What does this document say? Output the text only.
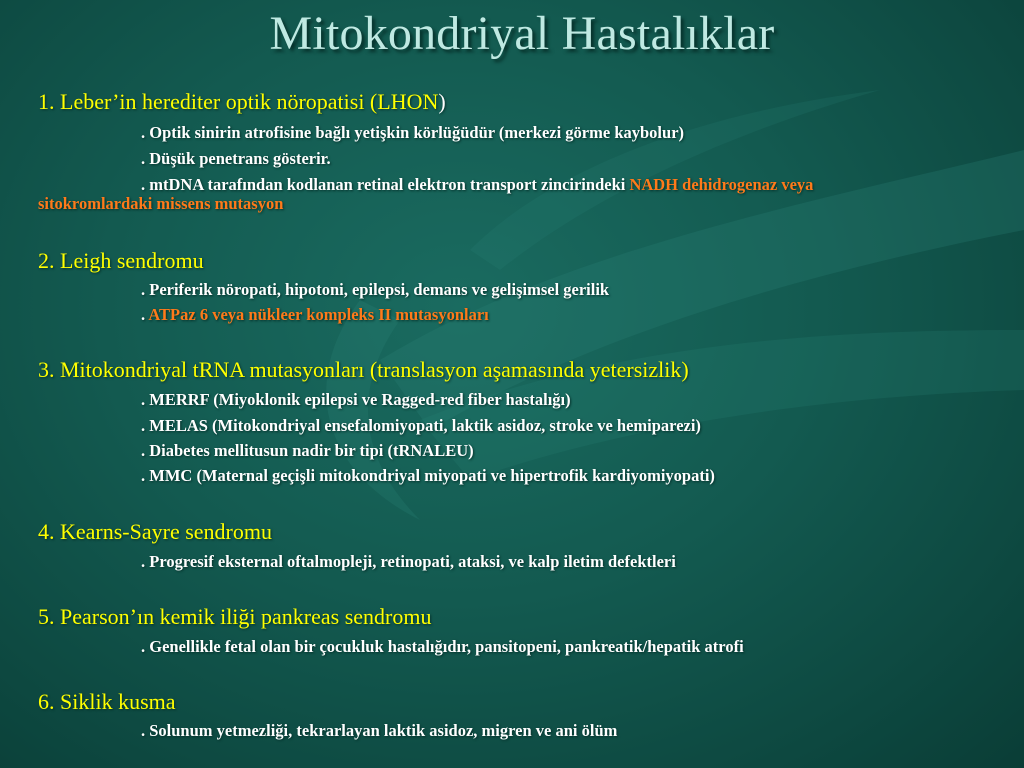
Mitokondriyal Hastalıklar
1. Leber’in herediter optik nöropatisi (LHON)
. Optik sinirin atrofisine bağlı yetişkin körlüğüdür (merkezi görme kaybolur)
. Düşük penetrans gösterir.
. mtDNA tarafından kodlanan retinal elektron transport zincirindeki NADH dehidrogenaz veya
sitokromlardaki missens mutasyon
2. Leigh sendromu
. Periferik nöropati, hipotoni, epilepsi, demans ve gelişimsel gerilik
. ATPaz 6 veya nükleer kompleks II mutasyonları
3. Mitokondriyal tRNA mutasyonları (translasyon aşamasında yetersizlik)
. MERRF (Miyoklonik epilepsi ve Ragged-red fiber hastalığı)
. MELAS (Mitokondriyal ensefalomiyopati, laktik asidoz, stroke ve hemiparezi)
. Diabetes mellitusun nadir bir tipi (tRNALEU)
. MMC (Maternal geçişli mitokondriyal miyopati ve hipertrofik kardiyomiyopati)
4. Kearns-Sayre sendromu
. Progresif eksternal oftalmopleji, retinopati, ataksi, ve kalp iletim defektleri
5. Pearson’ın kemik iliği pankreas sendromu
. Genellikle fetal olan bir çocukluk hastalığıdır, pansitopeni, pankreatik/hepatik atrofi
6. Siklik kusma
. Solunum yetmezliği, tekrarlayan laktik asidoz, migren ve ani ölüm
